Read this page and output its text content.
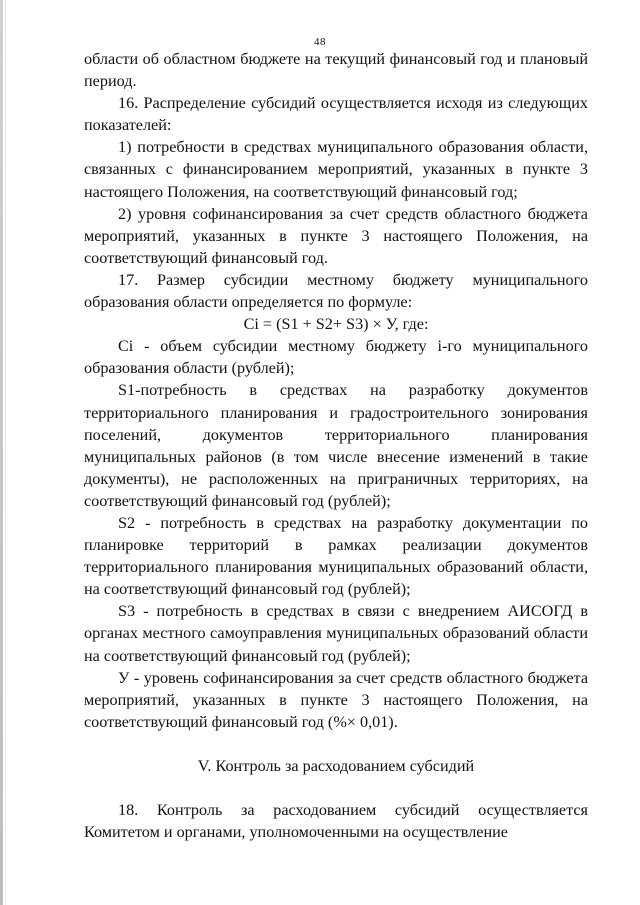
48

области об областном бюджете на текущий финансовый год и плановый период.

16. Распределение субсидий осуществляется исходя из следующих показателей:

1) потребности в средствах муниципального образования области, связанных с финансированием мероприятий, указанных в пункте 3 настоящего Положения, на соответствующий финансовый год;

2) уровня софинансирования за счет средств областного бюджета мероприятий, указанных в пункте 3 настоящего Положения, на соответствующий финансовый год.

17. Размер субсидии местному бюджету муниципального образования области определяется по формуле:

Ci = (S1 + S2+ S3) × У, где:

Ci - объем субсидии местному бюджету i-го муниципального образования области (рублей);

S1-потребность в средствах на разработку документов территориального планирования и градостроительного зонирования поселений, документов территориального планирования муниципальных районов (в том числе внесение изменений в такие документы), не расположенных на приграничных территориях, на соответствующий финансовый год (рублей);

S2 - потребность в средствах на разработку документации по планировке территорий в рамках реализации документов территориального планирования муниципальных образований области, на соответствующий финансовый год (рублей);

S3 - потребность в средствах в связи с внедрением АИСОГД в органах местного самоуправления муниципальных образований области на соответствующий финансовый год (рублей);

У - уровень софинансирования за счет средств областного бюджета мероприятий, указанных в пункте 3 настоящего Положения, на соответствующий финансовый год (%× 0,01).

V. Контроль за расходованием субсидий

18. Контроль за расходованием субсидий осуществляется Комитетом и органами, уполномоченными на осуществление
